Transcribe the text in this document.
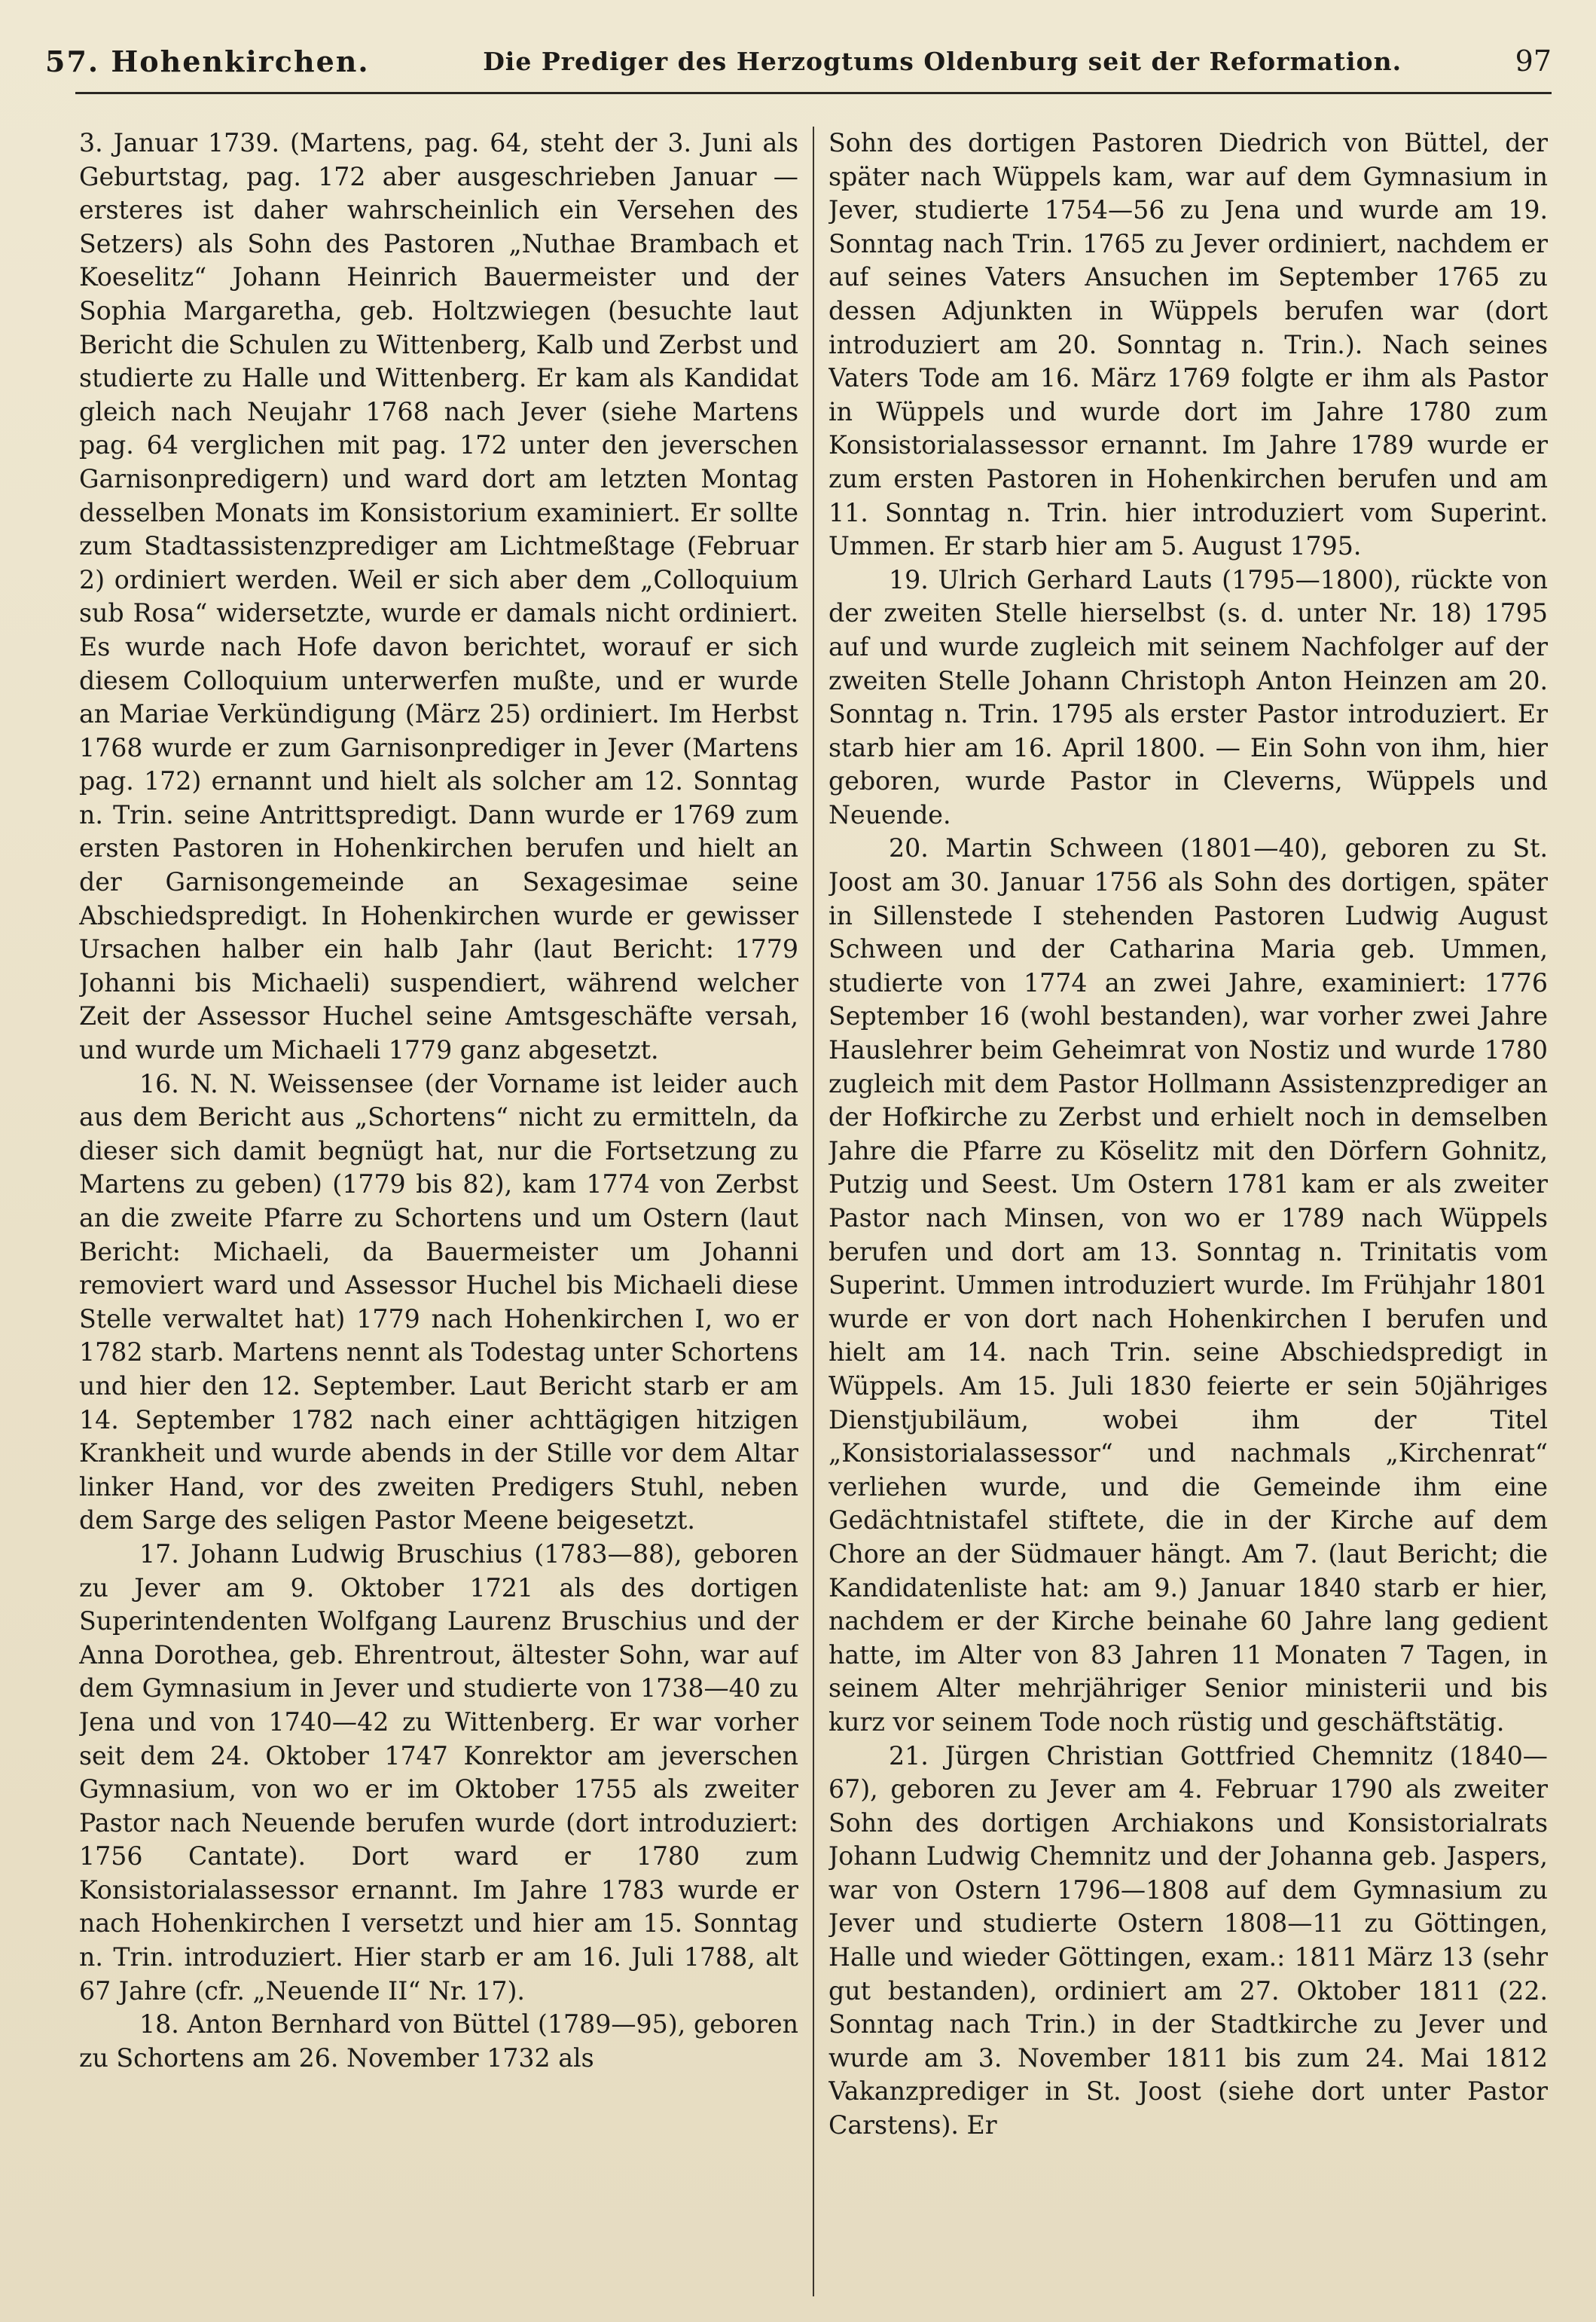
57. Hohenkirchen.	Die Prediger des Herzogtums Oldenburg seit der Reformation.	97

3. Januar 1739. (Martens, pag. 64, steht der 3. Juni als Geburtstag, pag. 172 aber ausgeschrieben Januar — ersteres ist daher wahrscheinlich ein Versehen des Setzers) als Sohn des Pastoren „Nuthae Brambach et Koeselitz“ Johann Heinrich Bauermeister und der Sophia Margaretha, geb. Holtzwiegen (besuchte laut Bericht die Schulen zu Wittenberg, Kalb und Zerbst und studierte zu Halle und Wittenberg. Er kam als Kandidat gleich nach Neujahr 1768 nach Jever (siehe Martens pag. 64 verglichen mit pag. 172 unter den jeverschen Garnisonpredigern) und ward dort am letzten Montag desselben Monats im Konsistorium examiniert. Er sollte zum Stadtassistenzprediger am Lichtmeßtage (Februar 2) ordiniert werden. Weil er sich aber dem „Colloquium sub Rosa“ widersetzte, wurde er damals nicht ordiniert. Es wurde nach Hofe davon berichtet, worauf er sich diesem Colloquium unterwerfen mußte, und er wurde an Mariae Verkündigung (März 25) ordiniert. Im Herbst 1768 wurde er zum Garnisonprediger in Jever (Martens pag. 172) ernannt und hielt als solcher am 12. Sonntag n. Trin. seine Antrittspredigt. Dann wurde er 1769 zum ersten Pastoren in Hohenkirchen berufen und hielt an der Garnisongemeinde an Sexagesimae seine Abschiedspredigt. In Hohenkirchen wurde er gewisser Ursachen halber ein halb Jahr (laut Bericht: 1779 Johanni bis Michaeli) suspendiert, während welcher Zeit der Assessor Huchel seine Amtsgeschäfte versah, und wurde um Michaeli 1779 ganz abgesetzt.

16. N. N. Weissensee (der Vorname ist leider auch aus dem Bericht aus „Schortens“ nicht zu ermitteln, da dieser sich damit begnügt hat, nur die Fortsetzung zu Martens zu geben) (1779 bis 82), kam 1774 von Zerbst an die zweite Pfarre zu Schortens und um Ostern (laut Bericht: Michaeli, da Bauermeister um Johanni removiert ward und Assessor Huchel bis Michaeli diese Stelle verwaltet hat) 1779 nach Hohenkirchen I, wo er 1782 starb. Martens nennt als Todestag unter Schortens und hier den 12. September. Laut Bericht starb er am 14. September 1782 nach einer achttägigen hitzigen Krankheit und wurde abends in der Stille vor dem Altar linker Hand, vor des zweiten Predigers Stuhl, neben dem Sarge des seligen Pastor Meene beigesetzt.

17. Johann Ludwig Bruschius (1783—88), geboren zu Jever am 9. Oktober 1721 als des dortigen Superintendenten Wolfgang Laurenz Bruschius und der Anna Dorothea, geb. Ehrentrout, ältester Sohn, war auf dem Gymnasium in Jever und studierte von 1738—40 zu Jena und von 1740—42 zu Wittenberg. Er war vorher seit dem 24. Oktober 1747 Konrektor am jeverschen Gymnasium, von wo er im Oktober 1755 als zweiter Pastor nach Neuende berufen wurde (dort introduziert: 1756 Cantate). Dort ward er 1780 zum Konsistorialassessor ernannt. Im Jahre 1783 wurde er nach Hohenkirchen I versetzt und hier am 15. Sonntag n. Trin. introduziert. Hier starb er am 16. Juli 1788, alt 67 Jahre (cfr. „Neuende II“ Nr. 17).

18. Anton Bernhard von Büttel (1789—95), geboren zu Schortens am 26. November 1732 als

Sohn des dortigen Pastoren Diedrich von Büttel, der später nach Wüppels kam, war auf dem Gymnasium in Jever, studierte 1754—56 zu Jena und wurde am 19. Sonntag nach Trin. 1765 zu Jever ordiniert, nachdem er auf seines Vaters Ansuchen im September 1765 zu dessen Adjunkten in Wüppels berufen war (dort introduziert am 20. Sonntag n. Trin.). Nach seines Vaters Tode am 16. März 1769 folgte er ihm als Pastor in Wüppels und wurde dort im Jahre 1780 zum Konsistorialassessor ernannt. Im Jahre 1789 wurde er zum ersten Pastoren in Hohenkirchen berufen und am 11. Sonntag n. Trin. hier introduziert vom Superint. Ummen. Er starb hier am 5. August 1795.

19. Ulrich Gerhard Lauts (1795—1800), rückte von der zweiten Stelle hierselbst (s. d. unter Nr. 18) 1795 auf und wurde zugleich mit seinem Nachfolger auf der zweiten Stelle Johann Christoph Anton Heinzen am 20. Sonntag n. Trin. 1795 als erster Pastor introduziert. Er starb hier am 16. April 1800. — Ein Sohn von ihm, hier geboren, wurde Pastor in Cleverns, Wüppels und Neuende.

20. Martin Schween (1801—40), geboren zu St. Joost am 30. Januar 1756 als Sohn des dortigen, später in Sillenstede I stehenden Pastoren Ludwig August Schween und der Catharina Maria geb. Ummen, studierte von 1774 an zwei Jahre, examiniert: 1776 September 16 (wohl bestanden), war vorher zwei Jahre Hauslehrer beim Geheimrat von Nostiz und wurde 1780 zugleich mit dem Pastor Hollmann Assistenzprediger an der Hofkirche zu Zerbst und erhielt noch in demselben Jahre die Pfarre zu Köselitz mit den Dörfern Gohnitz, Putzig und Seest. Um Ostern 1781 kam er als zweiter Pastor nach Minsen, von wo er 1789 nach Wüppels berufen und dort am 13. Sonntag n. Trinitatis vom Superint. Ummen introduziert wurde. Im Frühjahr 1801 wurde er von dort nach Hohenkirchen I berufen und hielt am 14. nach Trin. seine Abschiedspredigt in Wüppels. Am 15. Juli 1830 feierte er sein 50jähriges Dienstjubiläum, wobei ihm der Titel „Konsistorialassessor“ und nachmals „Kirchenrat“ verliehen wurde, und die Gemeinde ihm eine Gedächtnistafel stiftete, die in der Kirche auf dem Chore an der Südmauer hängt. Am 7. (laut Bericht; die Kandidatenliste hat: am 9.) Januar 1840 starb er hier, nachdem er der Kirche beinahe 60 Jahre lang gedient hatte, im Alter von 83 Jahren 11 Monaten 7 Tagen, in seinem Alter mehrjähriger Senior ministerii und bis kurz vor seinem Tode noch rüstig und geschäftstätig.

21. Jürgen Christian Gottfried Chemnitz (1840—67), geboren zu Jever am 4. Februar 1790 als zweiter Sohn des dortigen Archiakons und Konsistorialrats Johann Ludwig Chemnitz und der Johanna geb. Jaspers, war von Ostern 1796—1808 auf dem Gymnasium zu Jever und studierte Ostern 1808—11 zu Göttingen, Halle und wieder Göttingen, exam.: 1811 März 13 (sehr gut bestanden), ordiniert am 27. Oktober 1811 (22. Sonntag nach Trin.) in der Stadtkirche zu Jever und wurde am 3. November 1811 bis zum 24. Mai 1812 Vakanzprediger in St. Joost (siehe dort unter Pastor Carstens). Er
